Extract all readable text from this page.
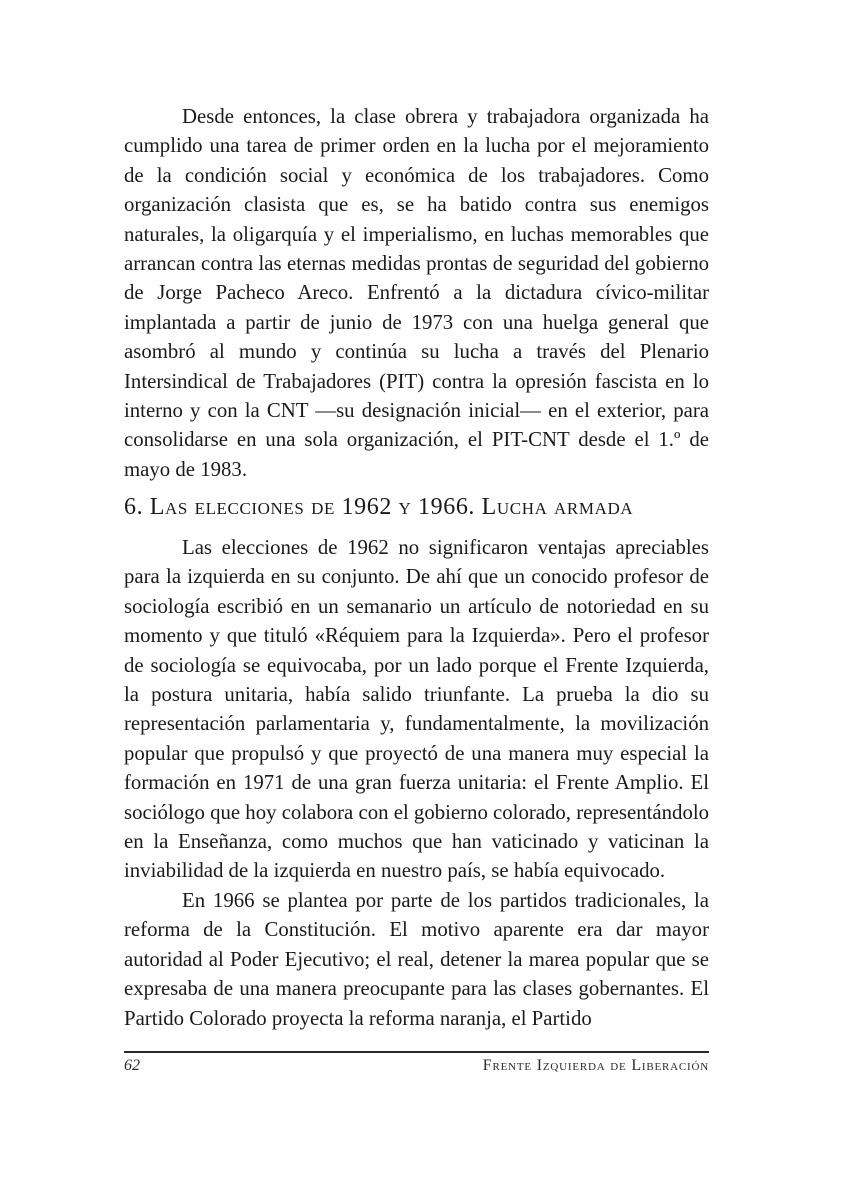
Desde entonces, la clase obrera y trabajadora organizada ha cumplido una tarea de primer orden en la lucha por el mejoramiento de la condición social y económica de los trabajadores. Como organización clasista que es, se ha batido contra sus enemigos naturales, la oligarquía y el imperialismo, en luchas memorables que arrancan contra las eternas medidas prontas de seguridad del gobierno de Jorge Pacheco Areco. Enfrentó a la dictadura cívico-militar implantada a partir de junio de 1973 con una huelga general que asombró al mundo y continúa su lucha a través del Plenario Intersindical de Trabajadores (PIT) contra la opresión fascista en lo interno y con la CNT —su designación inicial— en el exterior, para consolidarse en una sola organización, el PIT-CNT desde el 1.º de mayo de 1983.

6. Las elecciones de 1962 y 1966. Lucha armada

Las elecciones de 1962 no significaron ventajas apreciables para la izquierda en su conjunto. De ahí que un conocido profesor de sociología escribió en un semanario un artículo de notoriedad en su momento y que tituló «Réquiem para la Izquierda». Pero el profesor de sociología se equivocaba, por un lado porque el Frente Izquierda, la postura unitaria, había salido triunfante. La prueba la dio su representación parlamentaria y, fundamentalmente, la movilización popular que propulsó y que proyectó de una manera muy especial la formación en 1971 de una gran fuerza unitaria: el Frente Amplio. El sociólogo que hoy colabora con el gobierno colorado, representándolo en la Enseñanza, como muchos que han vaticinado y vaticinan la inviabilidad de la izquierda en nuestro país, se había equivocado.

En 1966 se plantea por parte de los partidos tradicionales, la reforma de la Constitución. El motivo aparente era dar mayor autoridad al Poder Ejecutivo; el real, detener la marea popular que se expresaba de una manera preocupante para las clases gobernantes. El Partido Colorado proyecta la reforma naranja, el Partido

62	Frente Izquierda de Liberación
